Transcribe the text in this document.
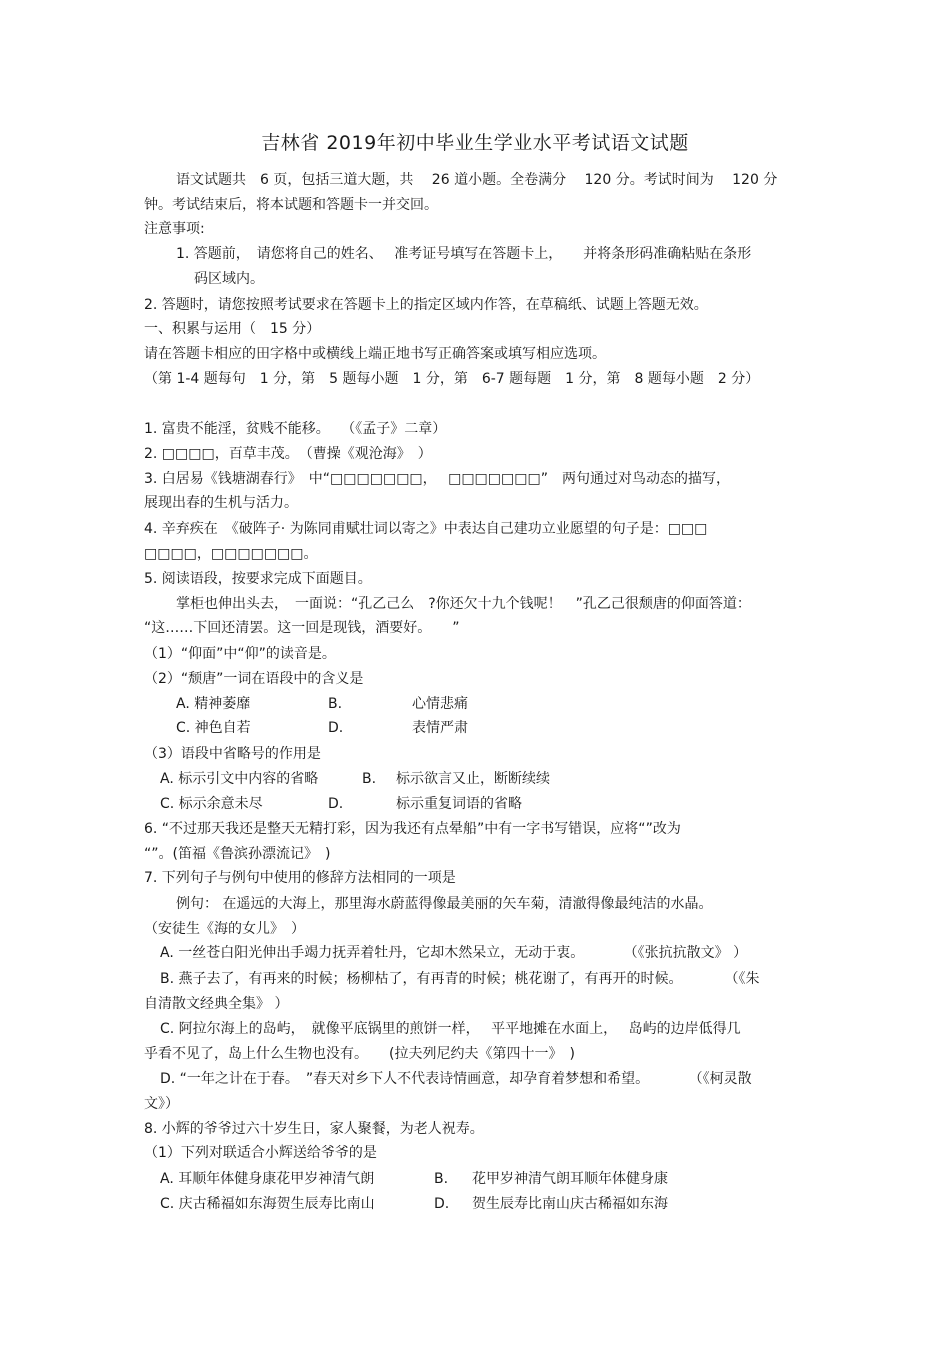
吉林省 2019年初中毕业生学业水平考试语文试题
语文试题共　6 页，包括三道大题，共　 26 道小题。全卷满分　 120 分。考试时间为　 120 分
钟。考试结束后，将本试题和答题卡一并交回。
注意事项:
1. 答题前，　请您将自己的姓名、　 准考证号填写在答题卡上，　　并将条形码准确粘贴在条形
码区域内。
2. 答题时，请您按照考试要求在答题卡上的指定区域内作答，在草稿纸、试题上答题无效。
一、积累与运用（　15 分）
请在答题卡相应的田字格中或横线上端正地书写正确答案或填写相应选项。
（第 1-4 题每句　1 分，第　5 题每小题　1 分，第　6-7 题每题　1 分，第　8 题每小题　2 分）
1. 富贵不能淫，贫贱不能移。　 （《孟子》二章）
2. □□□□，百草丰茂。　（曹操《观沧海》　）
3. 白居易《钱塘湖春行》　中“□□□□□□□，　 □□□□□□□”　两句通过对鸟动态的描写，
展现出春的生机与活力。
4. 辛弃疾在　《破阵子· 为陈同甫赋壮词以寄之》中表达自己建功立业愿望的句子是：□□□
□□□□，□□□□□□□。
5. 阅读语段，按要求完成下面题目。
掌柜也伸出头去，　一面说：“孔乙己么　?你还欠十九个钱呢！　”孔乙己很颓唐的仰面答道：
“这……下回还清罢。这一回是现钱，酒要好。　　”
（1）“仰面”中“仰”的读音是。
（2）“颓唐”一词在语段中的含义是
A. 精神萎靡	B.	心情悲痛
C. 神色自若	D.	表情严肃
（3）语段中省略号的作用是
A. 标示引文中内容的省略	B. 标示欲言又止，断断续续
C. 标示余意未尽	D.	标示重复词语的省略
6. “不过那天我还是整天无精打彩，因为我还有点晕船”中有一字书写错误，应将“”改为
“”。(笛福《鲁滨孙漂流记》　)
7. 下列句子与例句中使用的修辞方法相同的一项是
例句： 在遥远的大海上，那里海水蔚蓝得像最美丽的矢车菊，清澈得像最纯洁的水晶。
（安徒生《海的女儿》　）
A. 一丝苍白阳光伸出手竭力抚弄着牡丹，它却木然呆立，无动于衷。　　　 （《张抗抗散文》 ）
B. 燕子去了，有再来的时候；杨柳枯了，有再青的时候；桃花谢了，有再开的时候。　　　　（《朱
自清散文经典全集》 ）
C. 阿拉尔海上的岛屿，　就像平底锅里的煎饼一样，　 平平地摊在水面上，　 岛屿的边岸低得几
乎看不见了，岛上什么生物也没有。　　(拉夫列尼约夫《第四十一》　)
D. “一年之计在于春。　”春天对乡下人不代表诗情画意，却孕育着梦想和希望。　　　 （《柯灵散
文》）
8. 小辉的爷爷过六十岁生日，家人聚餐，为老人祝寿。
（1）下列对联适合小辉送给爷爷的是
A. 耳顺年体健身康花甲岁神清气朗	B. 花甲岁神清气朗耳顺年体健身康
C. 庆古稀福如东海贺生辰寿比南山	D. 贺生辰寿比南山庆古稀福如东海
